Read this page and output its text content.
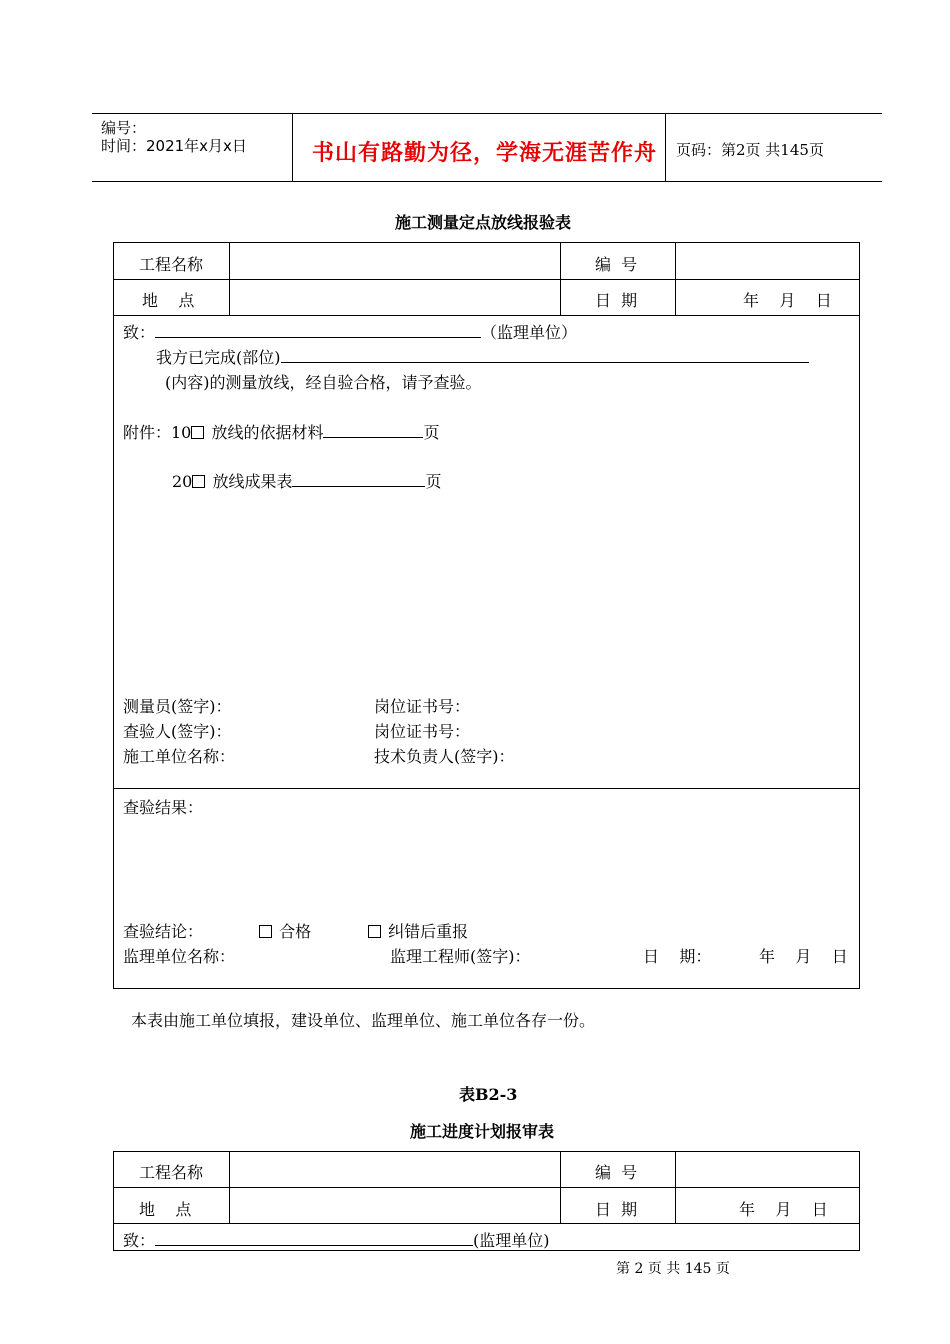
编号：
时间：2021年x月x日	书山有路勤为径，学海无涯苦作舟 页码：第2页 共145页
施工测量定点放线报验表
工程名称	编  号
地    点	日  期	年    月    日
致：	（监理单位）
我方已完成(部位)
(内容)的测量放线，经自验合格，请予查验。
附件：10 放线的依据材料	页
20 放线成果表	页
测量员(签字)：	岗位证书号：
查验人(签字)：	岗位证书号：
施工单位名称：	技术负责人(签字)：
查验结果：
查验结论：	合格	纠错后重报
监理单位名称：	监理工程师(签字)：	日    期：	年    月    日
本表由施工单位填报，建设单位、监理单位、施工单位各存一份。
表B2-3
施工进度计划报审表
工程名称	编  号
地    点	日  期	年    月    日
致：	(监理单位)
第 2 页 共 145 页
